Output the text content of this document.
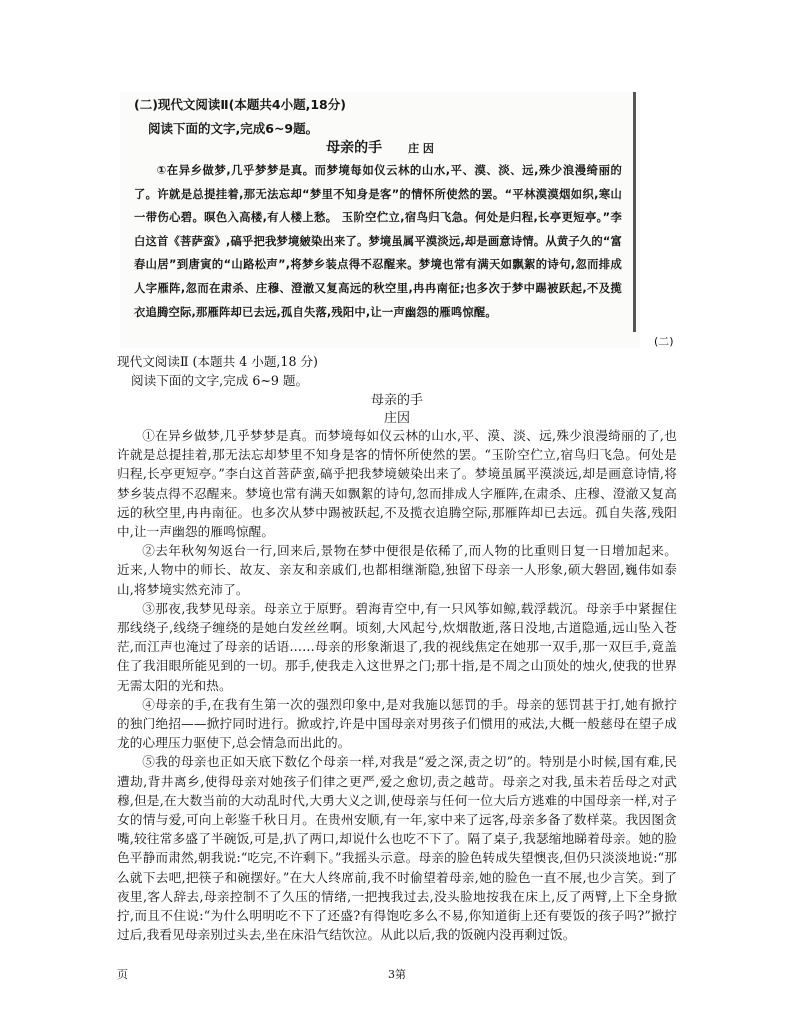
(二)现代文阅读Ⅱ(本题共4小题,18分)
阅读下面的文字,完成6~9题。
母亲的手 庄 因
①在异乡做梦,几乎梦梦是真。而梦境每如仪云林的山水,平、漠、淡、远,殊少浪漫绮丽的了。许就是总提挂着,那无法忘却“梦里不知身是客”的情怀所使然的罢。“平林漠漠烟如织,寒山一带伤心碧。暝色入高楼,有人楼上愁。 玉阶空伫立,宿鸟归飞急。何处是归程,长亭更短亭。”李白这首《菩萨蛮》,碻乎把我梦境皴染出来了。梦境虽属平漠淡远,却是画意诗情。从黄子久的“富春山居”到唐寅的“山路松声”,将梦乡装点得不忍醒来。梦境也常有满天如飘絮的诗句,忽而排成人字雁阵,忽而在肃杀、庄穆、澄澈又复高远的秋空里,冉冉南征;也多次于梦中踢被跃起,不及揽衣追腾空际,那雁阵却已去远,孤自失落,残阳中,让一声幽怨的雁鸣惊醒。
(二)
现代文阅读Ⅱ (本题共 4 小题,18 分)
阅读下面的文字,完成 6~9 题。
母亲的手
庄因

①在异乡做梦,几乎梦梦是真。而梦境每如仪云林的山水,平、漠、淡、远,殊少浪漫绮丽的了,也许就是总提挂着,那无法忘却梦里不知身是客的情怀所使然的罢。“玉阶空伫立,宿鸟归飞急。何处是归程,长亭更短亭。”李白这首菩萨蛮,碻乎把我梦境皴染出来了。梦境虽属平漠淡远,却是画意诗情,将梦乡装点得不忍醒来。梦境也常有满天如飘絮的诗句,忽而排成人字雁阵,在肃杀、庄穆、澄澈又复高远的秋空里,冉冉南征。也多次从梦中踢被跃起,不及揽衣追腾空际,那雁阵却已去远。孤自失落,残阳中,让一声幽怨的雁鸣惊醒。

②去年秋匆匆返台一行,回来后,景物在梦中便很是依稀了,而人物的比重则日复一日增加起来。近来,人物中的师长、故友、亲友和亲戚们,也都相继渐隐,独留下母亲一人形象,硕大磐固,巍伟如泰山,将梦境实然充沛了。

③那夜,我梦见母亲。母亲立于原野。碧海青空中,有一只风筝如鲸,载浮载沉。母亲手中紧握住那线绕子,线绕子缠绕的是她白发丝丝啊。顷刻,大风起兮,炊烟散逝,落日没地,古道隐遁,远山坠入苍茫,而江声也淹过了母亲的话语……母亲的形象渐退了,我的视线焦定在她那一双手,那一双巨手,竟盖住了我泪眼所能见到的一切。那手,使我走入这世界之门;那十指,是不周之山顶处的烛火,使我的世界无需太阳的光和热。

④母亲的手,在我有生第一次的强烈印象中,是对我施以惩罚的手。母亲的惩罚甚于打,她有掀拧的独门绝招——掀拧同时进行。掀或拧,许是中国母亲对男孩子们惯用的戒法,大概一般慈母在望子成龙的心理压力驱使下,总会情急而出此的。

⑤我的母亲也正如天底下数亿个母亲一样,对我是“爱之深,责之切”的。特别是小时候,国有难,民遭劫,背井离乡,使得母亲对她孩子们律之更严,爱之愈切,责之越苛。母亲之对我,虽未若岳母之对武穆,但是,在大数当前的大动乱时代,大勇大义之训,使母亲与任何一位大后方逃难的中国母亲一样,对子女的情与爱,可向上彰鉴千秋日月。在贵州安顺,有一年,家中来了远客,母亲多备了数样菜。我因图贪嘴,较往常多盛了半碗饭,可是,扒了两口,却说什么也吃不下了。隔了桌子,我瑟缩地睇着母亲。她的脸色平静而肃然,朝我说:“吃完,不许剩下。”我摇头示意。母亲的脸色转成失望懊丧,但仍只淡淡地说:“那么就下去吧,把筷子和碗摆好。”在大人终席前,我不时偷望着母亲,她的脸色一直不展,也少言笑。到了夜里,客人辞去,母亲控制不了久压的情绪,一把拽我过去,没头脸地按我在床上,反了两臂,上下全身掀拧,而且不住说:“为什么明明吃不下了还盛?有得饱吃多么不易,你知道街上还有要饭的孩子吗?”掀拧过后,我看见母亲别过头去,坐在床沿气结饮泣。从此以后,我的饭碗内没再剩过饭。

页	3第
